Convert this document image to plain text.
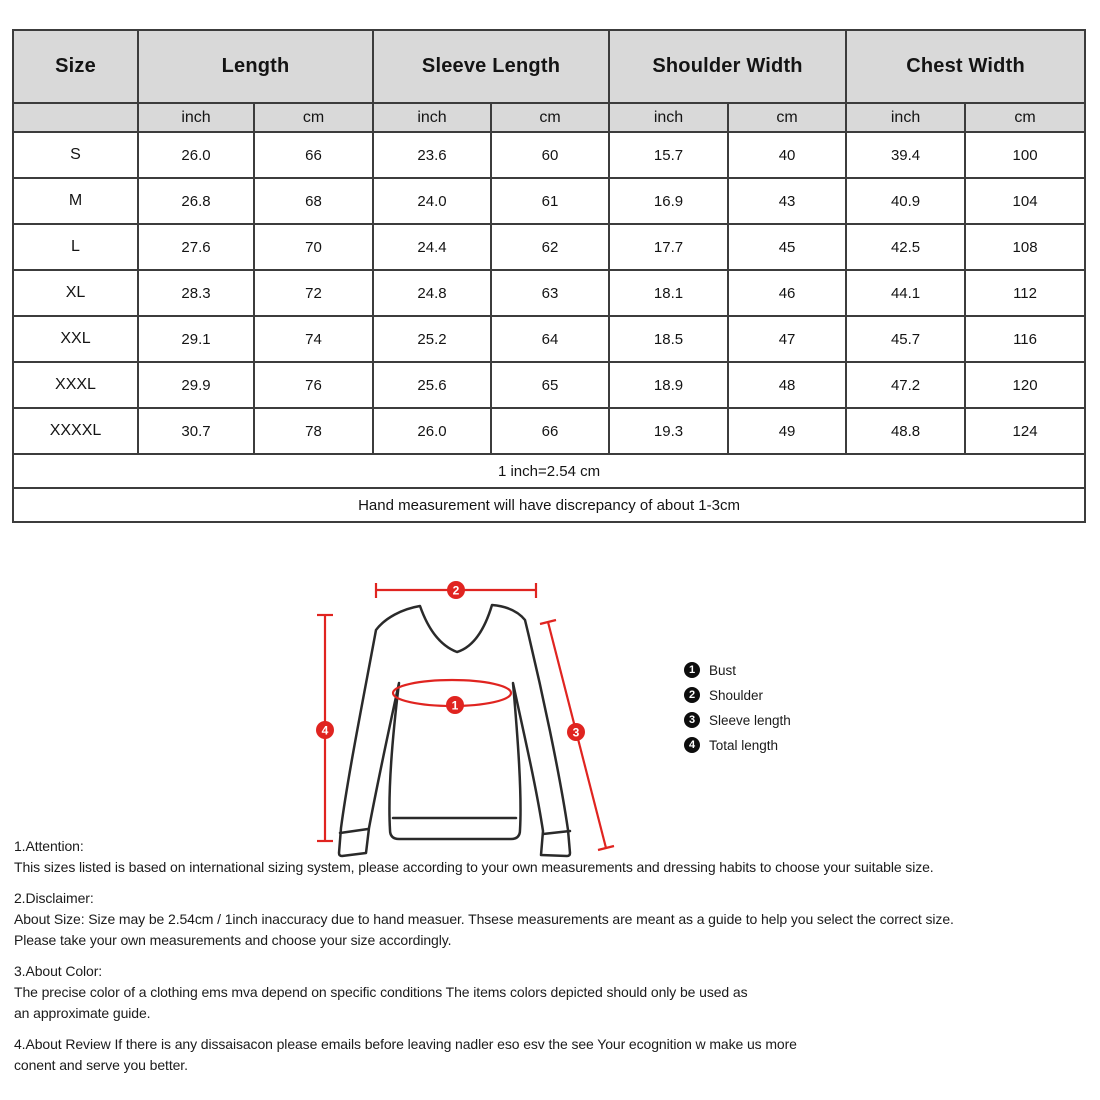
Size	Length		Sleeve Length		Shoulder Width		Chest Width	
	inch	cm	inch	cm	inch	cm	inch	cm
S	26.0	66	23.6	60	15.7	40	39.4	100
M	26.8	68	24.0	61	16.9	43	40.9	104
L	27.6	70	24.4	62	17.7	45	42.5	108
XL	28.3	72	24.8	63	18.1	46	44.1	112
XXL	29.1	74	25.2	64	18.5	47	45.7	116
XXXL	29.9	76	25.6	65	18.9	48	47.2	120
XXXXL	30.7	78	26.0	66	19.3	49	48.8	124
1 inch=2.54 cm								
Hand measurement will have discrepancy of about 1-3cm								
2
4	3
1
1	Bust
2	Shoulder
3	Sleeve length
4	Total length
1.Attention:
This sizes listed is based on international sizing system, please according to your own measurements and dressing habits to choose your suitable size.
2.Disclaimer:
About Size: Size may be 2.54cm / 1inch inaccuracy due to hand measuer. Thsese measurements are meant as a guide to help you select the correct size.
Please take your own measurements and choose your size accordingly.
3.About Color:
The precise color of a clothing ems mva depend on specific conditions The items colors depicted should only be used as
an approximate guide.
4.About Review If there is any dissaisacon please emails before leaving nadler eso esv the see Your ecognition w make us more
conent and serve you better.
